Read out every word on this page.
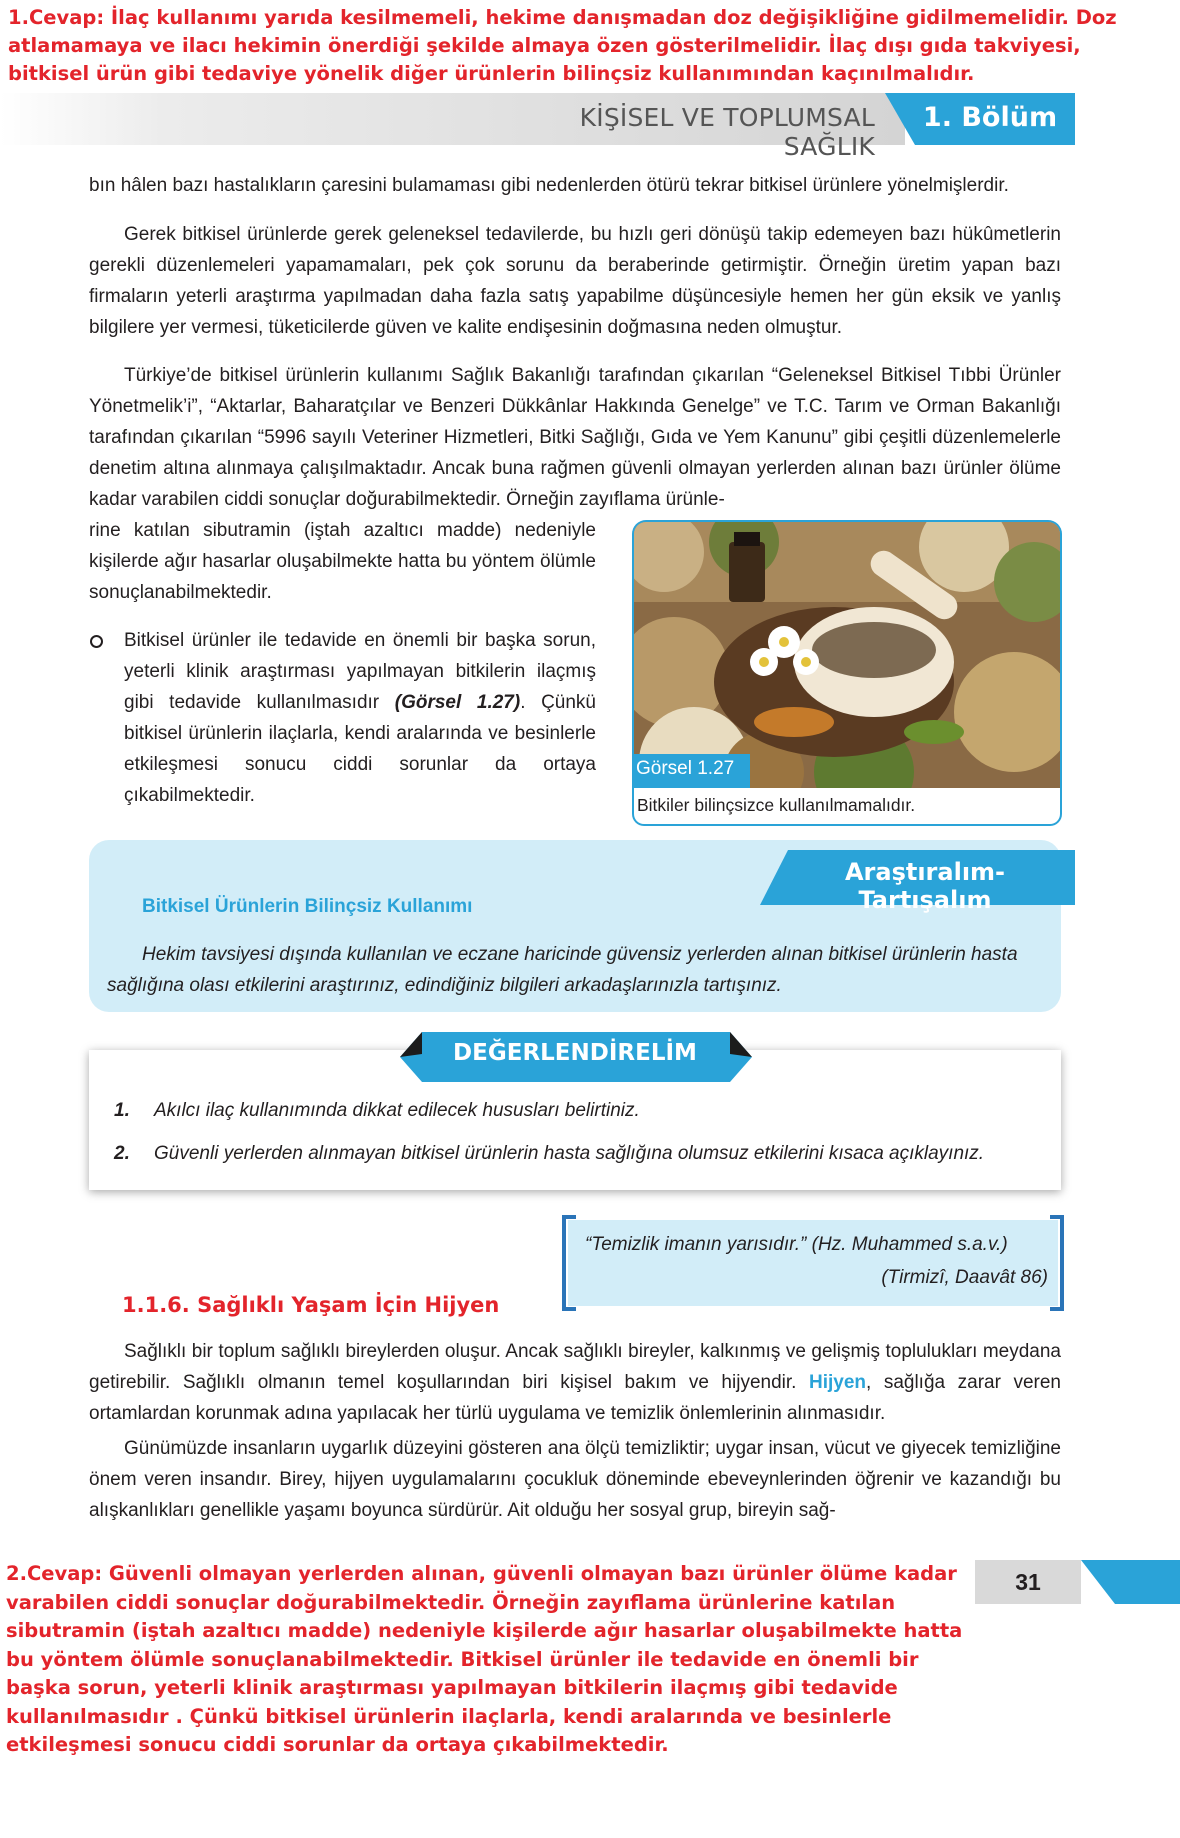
1.Cevap: İlaç kullanımı yarıda kesilmemeli, hekime danışmadan doz değişikliğine gidilmemelidir. Doz atlamamaya ve ilacı hekimin önerdiği şekilde almaya özen gösterilmelidir. İlaç dışı gıda takviyesi, bitkisel ürün gibi tedaviye yönelik diğer ürünlerin bilinçsiz kullanımından kaçınılmalıdır.
KİŞİSEL VE TOPLUMSAL SAĞLIK
1. Bölüm
bın hâlen bazı hastalıkların çaresini bulamaması gibi nedenlerden ötürü tekrar bitkisel ürünlere yönelmişlerdir.
Gerek bitkisel ürünlerde gerek geleneksel tedavilerde, bu hızlı geri dönüşü takip edemeyen bazı hükûmetlerin gerekli düzenlemeleri yapamamaları, pek çok sorunu da beraberinde getirmiştir. Örneğin üretim yapan bazı firmaların yeterli araştırma yapılmadan daha fazla satış yapabilme düşüncesiyle hemen her gün eksik ve yanlış bilgilere yer vermesi, tüketicilerde güven ve kalite endişesinin doğmasına neden olmuştur.
Türkiye’de bitkisel ürünlerin kullanımı Sağlık Bakanlığı tarafından çıkarılan “Geleneksel Bitkisel Tıbbi Ürünler Yönetmelik’i”, “Aktarlar, Baharatçılar ve Benzeri Dükkânlar Hakkında Genelge” ve T.C. Tarım ve Orman Bakanlığı tarafından çıkarılan “5996 sayılı Veteriner Hizmetleri, Bitki Sağlığı, Gıda ve Yem Kanunu” gibi çeşitli düzenlemelerle denetim altına alınmaya çalışılmaktadır. Ancak buna rağmen güvenli olmayan yerlerden alınan bazı ürünler ölüme kadar varabilen ciddi sonuçlar doğurabilmektedir. Örneğin zayıflama ürünle-
rine katılan sibutramin (iştah azaltıcı madde) nedeniyle kişilerde ağır hasarlar oluşabilmekte hatta bu yöntem ölümle sonuçlanabilmektedir.
Bitkisel ürünler ile tedavide en önemli bir başka sorun, yeterli klinik araştırması yapılmayan bitkilerin ilaçmış gibi tedavide kullanılmasıdır (Görsel 1.27). Çünkü bitkisel ürünlerin ilaçlarla, kendi aralarında ve besinlerle etkileşmesi sonucu ciddi sorunlar da ortaya çıkabilmektedir.
Görsel 1.27
Bitkiler bilinçsizce kullanılmamalıdır.
Araştıralım-Tartışalım
Bitkisel Ürünlerin Bilinçsiz Kullanımı
Hekim tavsiyesi dışında kullanılan ve eczane haricinde güvensiz yerlerden alınan bitkisel ürünlerin hasta sağlığına olası etkilerini araştırınız, edindiğiniz bilgileri arkadaşlarınızla tartışınız.
DEĞERLENDİRELİM
1. Akılcı ilaç kullanımında dikkat edilecek hususları belirtiniz.
2. Güvenli yerlerden alınmayan bitkisel ürünlerin hasta sağlığına olumsuz etkilerini kısaca açıklayınız.
“Temizlik imanın yarısıdır.” (Hz. Muhammed s.a.v.)
(Tirmizî, Daavât 86)
1.1.6. Sağlıklı Yaşam İçin Hijyen
Sağlıklı bir toplum sağlıklı bireylerden oluşur. Ancak sağlıklı bireyler, kalkınmış ve gelişmiş toplulukları meydana getirebilir. Sağlıklı olmanın temel koşullarından biri kişisel bakım ve hijyendir. Hijyen, sağlığa zarar veren ortamlardan korunmak adına yapılacak her türlü uygulama ve temizlik önlemlerinin alınmasıdır.
Günümüzde insanların uygarlık düzeyini gösteren ana ölçü temizliktir; uygar insan, vücut ve giyecek temizliğine önem veren insandır. Birey, hijyen uygulamalarını çocukluk döneminde ebeveynlerinden öğrenir ve kazandığı bu alışkanlıkları genellikle yaşamı boyunca sürdürür. Ait olduğu her sosyal grup, bireyin sağ-
2.Cevap: Güvenli olmayan yerlerden alınan, güvenli olmayan bazı ürünler ölüme kadar varabilen ciddi sonuçlar doğurabilmektedir. Örneğin zayıflama ürünlerine katılan sibutramin (iştah azaltıcı madde) nedeniyle kişilerde ağır hasarlar oluşabilmekte hatta bu yöntem ölümle sonuçlanabilmektedir. Bitkisel ürünler ile tedavide en önemli bir başka sorun, yeterli klinik araştırması yapılmayan bitkilerin ilaçmış gibi tedavide kullanılmasıdır . Çünkü bitkisel ürünlerin ilaçlarla, kendi aralarında ve besinlerle etkileşmesi sonucu ciddi sorunlar da ortaya çıkabilmektedir.
31
